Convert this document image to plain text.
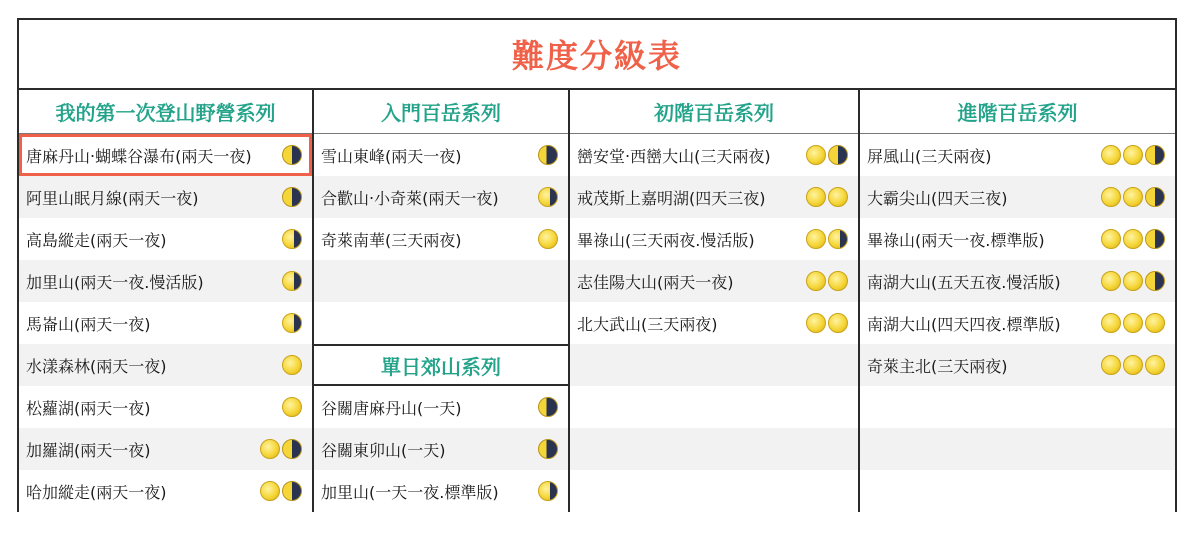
難度分級表
我的第一次登山野營系列
唐麻丹山‧蝴蝶谷瀑布(兩天一夜)
阿里山眠月線(兩天一夜)
高島縱走(兩天一夜)
加里山(兩天一夜.慢活版)
馬崙山(兩天一夜)
水漾森林(兩天一夜)
松蘿湖(兩天一夜)
加羅湖(兩天一夜)
哈加縱走(兩天一夜)
入門百岳系列
雪山東峰(兩天一夜)
合歡山‧小奇萊(兩天一夜)
奇萊南華(三天兩夜)
單日郊山系列
谷關唐麻丹山(一天)
谷關東卯山(一天)
加里山(一天一夜.標準版)
初階百岳系列
巒安堂‧西巒大山(三天兩夜)
戒茂斯上嘉明湖(四天三夜)
畢祿山(三天兩夜.慢活版)
志佳陽大山(兩天一夜)
北大武山(三天兩夜)
進階百岳系列
屏風山(三天兩夜)
大霸尖山(四天三夜)
畢祿山(兩天一夜.標準版)
南湖大山(五天五夜.慢活版)
南湖大山(四天四夜.標準版)
奇萊主北(三天兩夜)
